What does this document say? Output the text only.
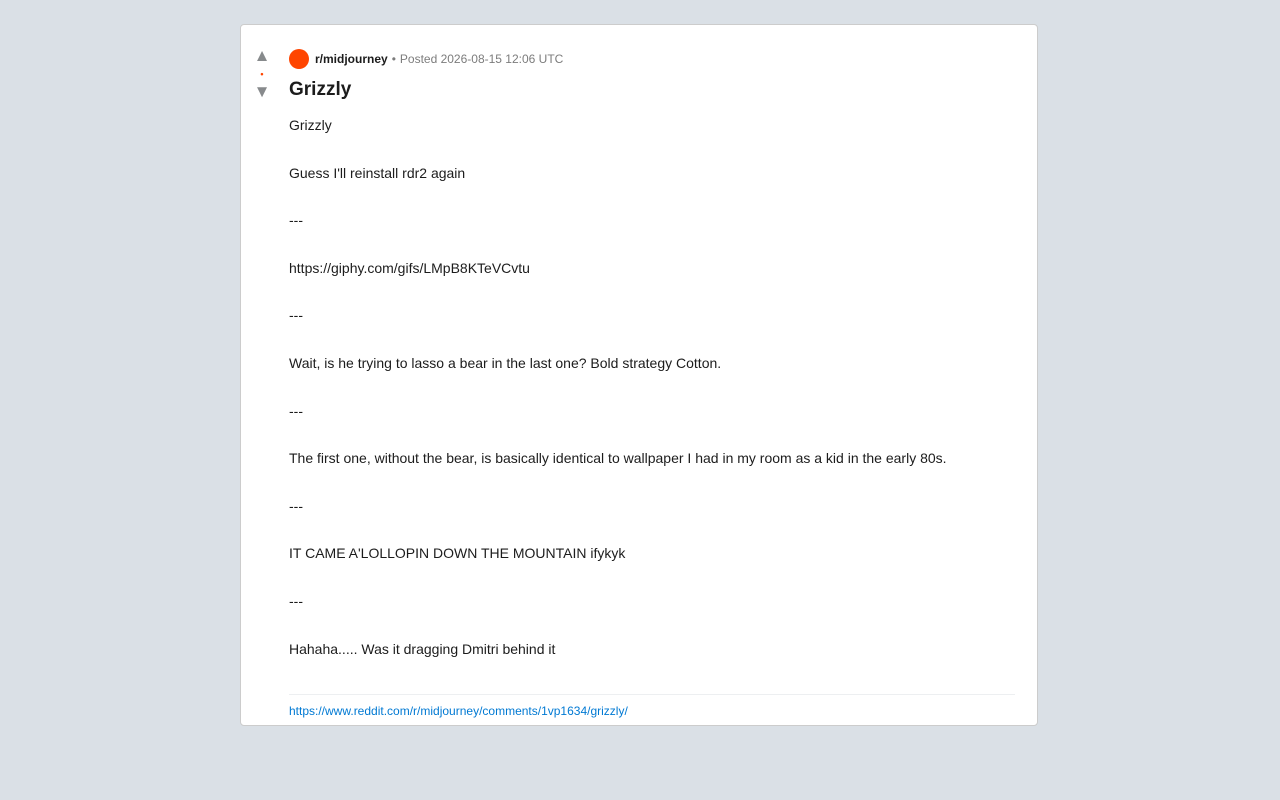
▲
•
▼
r/midjourney • Posted 2026-08-15 12:06 UTC
Grizzly

Grizzly

Guess I'll reinstall rdr2 again

---

https://giphy.com/gifs/LMpB8KTeVCvtu

---

Wait, is he trying to lasso a bear in the last one? Bold strategy Cotton.

---

The first one, without the bear, is basically identical to wallpaper I had in my room as a kid in the early 80s.

---

IT CAME A'LOLLOPIN DOWN THE MOUNTAIN ifykyk

---

Hahaha..... Was it dragging Dmitri behind it

https://www.reddit.com/r/midjourney/comments/1vp1634/grizzly/
